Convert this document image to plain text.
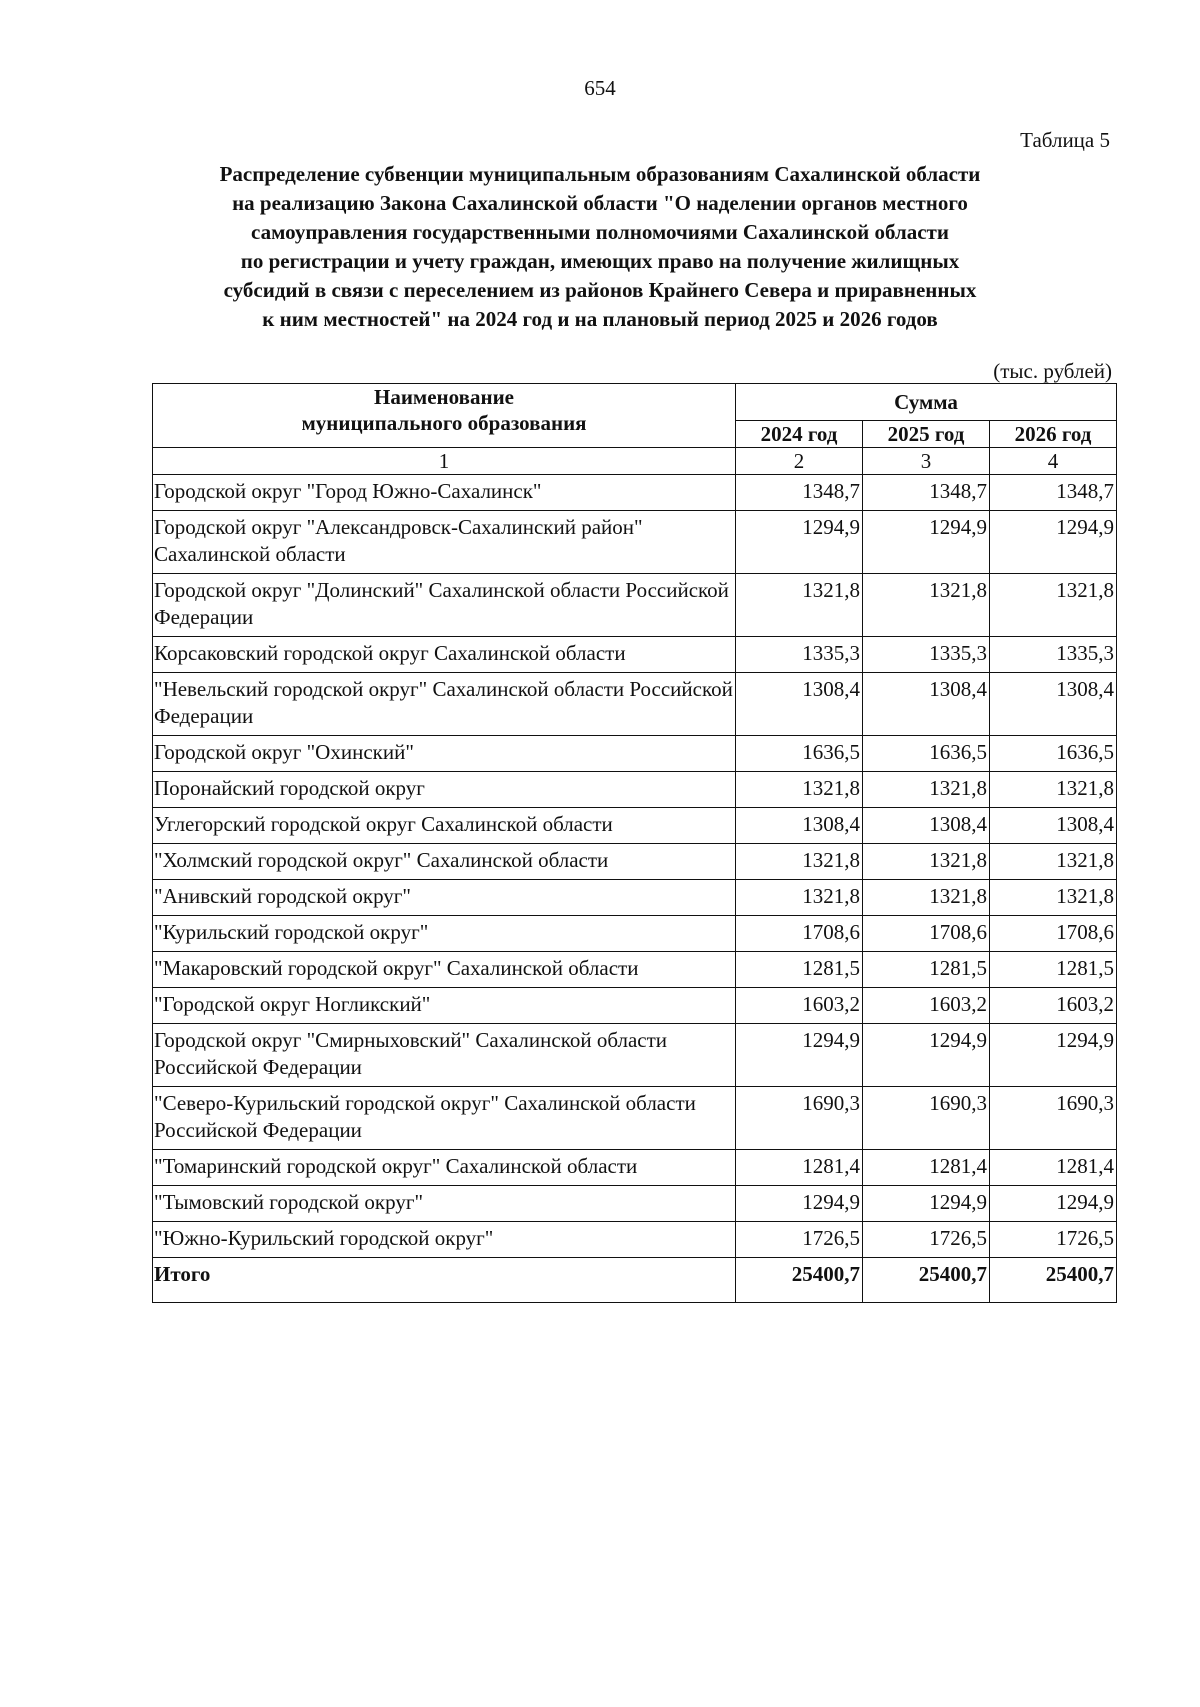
654
Таблица 5
Распределение субвенции муниципальным образованиям Сахалинской области
на реализацию Закона Сахалинской области "О наделении органов местного
самоуправления государственными полномочиями Сахалинской области
по регистрации и учету граждан, имеющих право на получение жилищных
субсидий в связи с переселением из районов Крайнего Севера и приравненных
к ним местностей" на 2024 год и на плановый период 2025 и 2026 годов
(тыс. рублей)
Наименование
муниципального образования	Сумма		
	2024 год	2025 год	2026 год
1	2	3	4
Городской округ "Город Южно-Сахалинск"	1348,7	1348,7	1348,7
Городской округ "Александровск-Сахалинский район" Сахалинской области	1294,9	1294,9	1294,9
Городской округ "Долинский" Сахалинской области Российской Федерации	1321,8	1321,8	1321,8
Корсаковский городской округ Сахалинской области	1335,3	1335,3	1335,3
"Невельский городской округ" Сахалинской области Российской Федерации	1308,4	1308,4	1308,4
Городской округ "Охинский"	1636,5	1636,5	1636,5
Поронайский городской округ	1321,8	1321,8	1321,8
Углегорский городской округ Сахалинской области	1308,4	1308,4	1308,4
"Холмский городской округ" Сахалинской области	1321,8	1321,8	1321,8
"Анивский городской округ"	1321,8	1321,8	1321,8
"Курильский городской округ"	1708,6	1708,6	1708,6
"Макаровский городской округ" Сахалинской области	1281,5	1281,5	1281,5
"Городской округ Ногликский"	1603,2	1603,2	1603,2
Городской округ "Смирныховский" Сахалинской области Российской Федерации	1294,9	1294,9	1294,9
"Северо-Курильский городской округ" Сахалинской области Российской Федерации	1690,3	1690,3	1690,3
"Томаринский городской округ" Сахалинской области	1281,4	1281,4	1281,4
"Тымовский городской округ"	1294,9	1294,9	1294,9
"Южно-Курильский городской округ"	1726,5	1726,5	1726,5
Итого	25400,7	25400,7	25400,7
